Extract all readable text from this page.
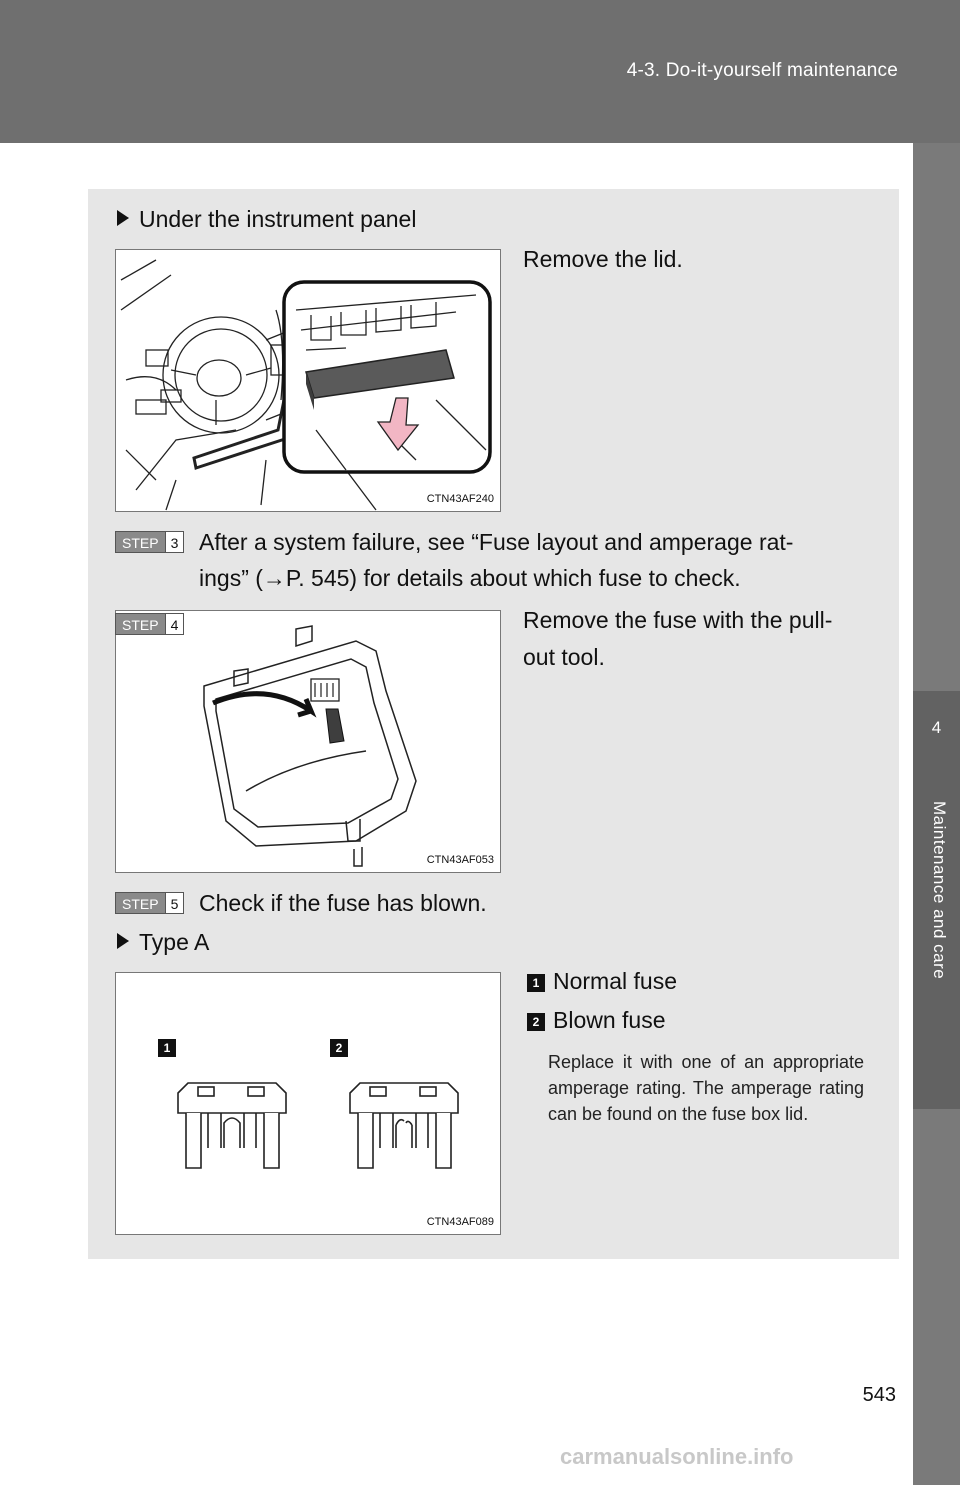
4-3. Do-it-yourself maintenance
4
Maintenance and care
Under the instrument panel
Remove the lid.
CTN43AF240
STEP 3 After a system failure, see “Fuse layout and amperage rat-
ings” (→P. 545) for details about which fuse to check.
CTN43AF053
STEP 4	Remove the fuse with the pull-
out tool.
STEP 5 Check if the fuse has blown.
Type A
1 Normal fuse
2 Blown fuse
Replace it with one of an appropriate amperage rating. The amperage rating can be found on the fuse box lid.
1	2
CTN43AF089
543
carmanualsonline.info
